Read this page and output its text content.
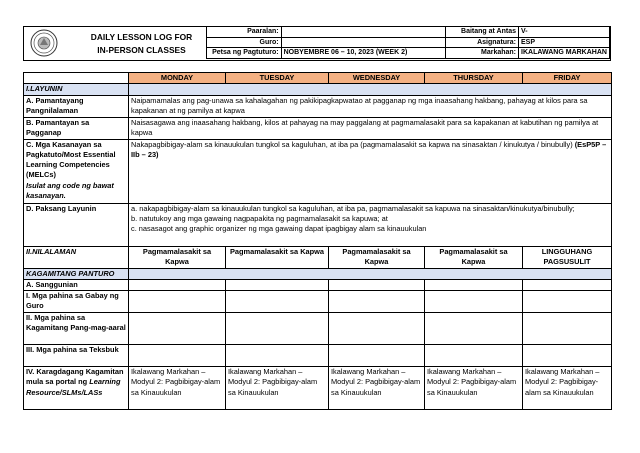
DAILY LESSON LOG FOR
IN-PERSON CLASSES
Paaralan:		Baitang at Antas	V-
Guro:		Asignatura:	ESP
Petsa ng Pagtuturo:	NOBYEMBRE 06 – 10, 2023 (WEEK 2)	Markahan:	IKALAWANG MARKAHAN
	MONDAY	TUESDAY	WEDNESDAY	THURSDAY	FRIDAY
I.LAYUNIN					
A. Pamantayang Pangnilalaman	Naipamamalas ang pag-unawa sa kahalagahan ng pakikipagkapwatao at pagganap ng mga inaasahang hakbang, pahayag at kilos para sa kapakanan at ng pamilya at kapwa				
B. Pamantayan sa Pagganap	Naisasagawa ang inaasahang hakbang, kilos at pahayag na may paggalang at pagmamalasakit para sa kapakanan at kabutihan ng pamilya at kapwa				
C. Mga Kasanayan sa Pagkatuto/Most Essential Learning Competencies (MELCs)
Isulat ang code ng bawat kasanayan.	Nakapagbibigay-alam sa kinauukulan tungkol sa kaguluhan, at iba pa (pagmamalasakit sa kapwa na sinasaktan / kinukutya / binubully) (EsP5P – IIb – 23)				
D. Paksang Layunin	a. nakapagbibigay-alam sa kinauukulan tungkol sa kaguluhan, at iba pa, pagmamalasakit sa kapuwa na sinasaktan/kinukutya/binubully;
b. natutukoy ang mga gawaing nagpapakita ng pagmamalasakit sa kapuwa; at
c. nasasagot ang graphic organizer ng mga gawaing dapat ipagbigay alam sa kinauukulan				

II.NILALAMAN	Pagmamalasakit sa Kapwa	Pagmamalasakit sa Kapwa	Pagmamalasakit sa Kapwa	Pagmamalasakit sa Kapwa	LINGGUHANG PAGSUSULIT
KAGAMITANG PANTURO					
A. Sanggunian					
I. Mga pahina sa Gabay ng Guro					
II. Mga pahina sa Kagamitang Pang-mag-aaral					
III. Mga pahina sa Teksbuk					
IV. Karagdagang Kagamitan mula sa portal ng Learning Resource/SLMs/LASs	Ikalawang Markahan – Modyul 2: Pagbibigay-alam sa Kinauukulan	Ikalawang Markahan – Modyul 2: Pagbibigay-alam sa Kinauukulan	Ikalawang Markahan – Modyul 2: Pagbibigay-alam sa Kinauukulan	Ikalawang Markahan – Modyul 2: Pagbibigay-alam sa Kinauukulan	Ikalawang Markahan – Modyul 2: Pagbibigay-alam sa Kinauukulan
